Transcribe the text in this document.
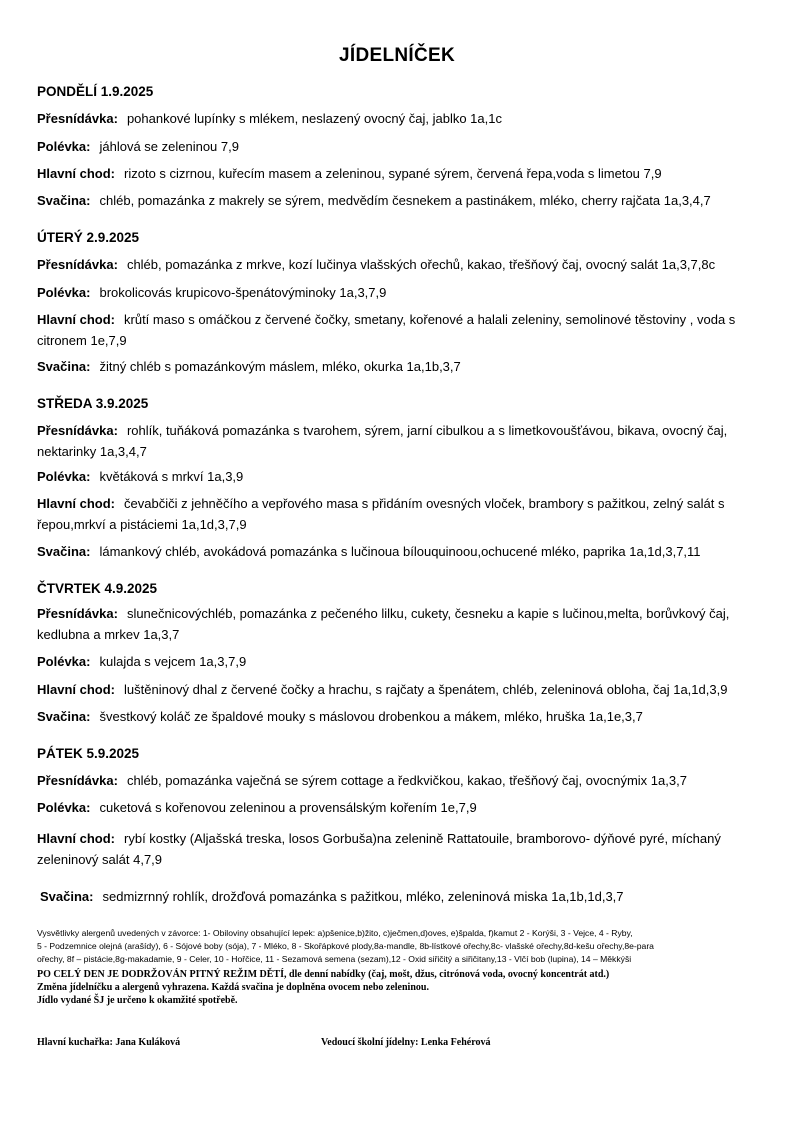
JÍDELNÍČEK
PONDĚLÍ 1.9.2025
Přesnídávka: pohankové lupínky s mlékem, neslazený ovocný čaj, jablko 1a,1c
Polévka: jáhlová se zeleninou 7,9
Hlavní chod: rizoto s cizrnou, kuřecím masem a zeleninou, sypané sýrem, červená řepa,voda s limetou 7,9
Svačina: chléb, pomazánka z makrely se sýrem, medvědím česnekem a pastinákem, mléko, cherry rajčata 1a,3,4,7
ÚTERÝ 2.9.2025
Přesnídávka: chléb, pomazánka z mrkve, kozí lučinya vlašských ořechů, kakao, třešňový čaj, ovocný salát 1a,3,7,8c
Polévka: brokolicovás krupicovo-špenátovýminoky 1a,3,7,9
Hlavní chod: krůtí maso s omáčkou z červené čočky, smetany, kořenové a halali zeleniny, semolinové těstoviny , voda s citronem 1e,7,9
Svačina: žitný chléb s pomazánkovým máslem, mléko, okurka 1a,1b,3,7
STŘEDA 3.9.2025
Přesnídávka: rohlík, tuňáková pomazánka s tvarohem, sýrem, jarní cibulkou a s limetkovoušťávou, bikava, ovocný čaj, nektarinky 1a,3,4,7
Polévka: květáková s mrkví 1a,3,9
Hlavní chod: čevabčiči z jehněčího a vepřového masa s přidáním ovesných vloček, brambory s pažitkou, zelný salát s řepou,mrkví a pistáciemi 1a,1d,3,7,9
Svačina: lámankový chléb, avokádová pomazánka s lučinoua bílouquinoou,ochucené mléko, paprika 1a,1d,3,7,11
ČTVRTEK 4.9.2025
Přesnídávka: slunečnicovýchléb, pomazánka z pečeného lilku, cukety, česneku a kapie s lučinou,melta, borůvkový čaj, kedlubna a mrkev 1a,3,7
Polévka: kulajda s vejcem 1a,3,7,9
Hlavní chod: luštěninový dhal z červené čočky a hrachu, s rajčaty a špenátem, chléb, zeleninová obloha, čaj 1a,1d,3,9
Svačina: švestkový koláč ze špaldové mouky s máslovou drobenkou a mákem, mléko, hruška 1a,1e,3,7
PÁTEK 5.9.2025
Přesnídávka: chléb, pomazánka vaječná se sýrem cottage a ředkvičkou, kakao, třešňový čaj, ovocnýmix 1a,3,7
Polévka: cuketová s kořenovou zeleninou a provensálským kořením 1e,7,9
Hlavní chod: rybí kostky (Aljašská treska, losos Gorbuša)na zelenině Rattatouile, bramborovo- dýňové pyré, míchaný zeleninový salát 4,7,9
Svačina: sedmizrnný rohlík, drožďová pomazánka s pažitkou, mléko, zeleninová miska 1a,1b,1d,3,7
Vysvětlivky alergenů uvedených v závorce: 1- Obiloviny obsahující lepek: a)pšenice,b)žito, c)ječmen,d)oves, e)špalda, f)kamut 2 - Korýši, 3 - Vejce, 4 - Ryby,
5 - Podzemnice olejná (arašídy), 6 - Sójové boby (sója), 7 - Mléko, 8 - Skořápkové plody,8a-mandle, 8b-lístkové ořechy,8c- vlašské ořechy,8d-kešu ořechy,8e-para
ořechy, 8f – pistácie,8g-makadamie, 9 - Celer, 10 - Hořčice, 11 - Sezamová semena (sezam),12 - Oxid siřičitý a siřičitany,13 - Vlčí bob (lupina), 14 – Měkkýši
PO CELÝ DEN JE DODRŽOVÁN PITNÝ REŽIM DĚTÍ, dle denní nabídky (čaj, mošt, džus, citrónová voda, ovocný koncentrát atd.)
Změna jídelníčku a alergenů vyhrazena. Každá svačina je doplněna ovocem nebo zeleninou.
Jídlo vydané ŠJ je určeno k okamžité spotřebě.
Hlavní kuchařka: Jana Kuláková	Vedoucí školní jídelny: Lenka Fehérová
